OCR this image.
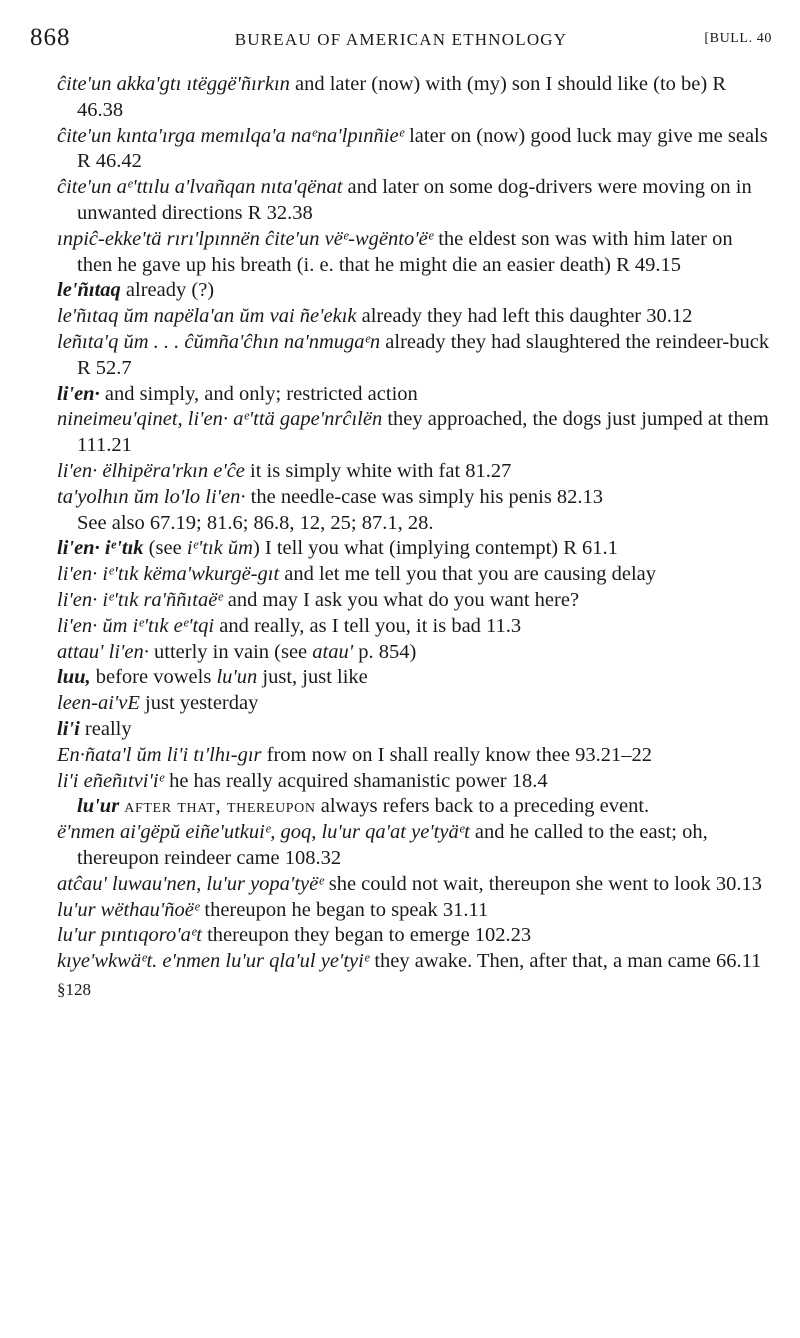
868	BUREAU OF AMERICAN ETHNOLOGY	[BULL. 40
ĉite'un akka'gtı ıtëggë'ñırkın and later (now) with (my) son I should like (to be) R 46.38
ĉite'un kınta'ırga memılqa'a naᵉna'lpınñieᵉ later on (now) good luck may give me seals R 46.42
ĉite'un aᵉ'ttılu a'lvañqan nıta'qënat and later on some dog-drivers were moving on in unwanted directions R 32.38
ınpiĉ-ekke'tä rırı'lpınnën ĉite'un vëᵉ-wgënto'ëᵉ the eldest son was with him later on then he gave up his breath (i. e. that he might die an easier death) R 49.15
le'ñıtaq already (?)
le'ñıtaq ŭm napëla'an ŭm vai ñe'ekık already they had left this daughter 30.12
leñıta'q ŭm . . . ĉŭmña'ĉhın na'nmugaᵉn already they had slaughtered the reindeer-buck R 52.7
li'en· and simply, and only; restricted action
nineimeu'qinet, li'en· aᵉ'ttä gape'nrĉılën they approached, the dogs just jumped at them 111.21
li'en· ëlhipëra'rkın e'ĉe it is simply white with fat 81.27
ta'yolhın ŭm lo'lo li'en· the needle-case was simply his penis 82.13
See also 67.19; 81.6; 86.8, 12, 25; 87.1, 28.
li'en· iᵉ'tık (see iᵉ'tık ŭm) I tell you what (implying contempt) R 61.1
li'en· iᵉ'tık këma'wkurgë-gıt and let me tell you that you are causing delay
li'en· iᵉ'tık ra'ññıtaëᵉ and may I ask you what do you want here?
li'en· ŭm iᵉ'tık eᵉ'tqi and really, as I tell you, it is bad 11.3
attau' li'en· utterly in vain (see atau' p. 854)
luu, before vowels lu'un just, just like
leen-ai'vE just yesterday
li'i really
En·ñata'l ŭm li'i tı'lhı-gır from now on I shall really know thee 93.21–22
li'i eñeñıtvi'iᵉ he has really acquired shamanistic power 18.4
lu'ur after that, thereupon always refers back to a preceding event.
ë'nmen ai'gëpŭ eiñe'utkuiᵉ, goq, lu'ur qa'at ye'tyäᵉt and he called to the east; oh, thereupon reindeer came 108.32
atĉau' luwau'nen, lu'ur yopa'tyëᵉ she could not wait, thereupon she went to look 30.13
lu'ur wëthau'ñoëᵉ thereupon he began to speak 31.11
lu'ur pıntıqoro'aᵉt thereupon they began to emerge 102.23
kıye'wkwäᵉt. e'nmen lu'ur qla'ul ye'tyiᵉ they awake. Then, after that, a man came 66.11
§128
